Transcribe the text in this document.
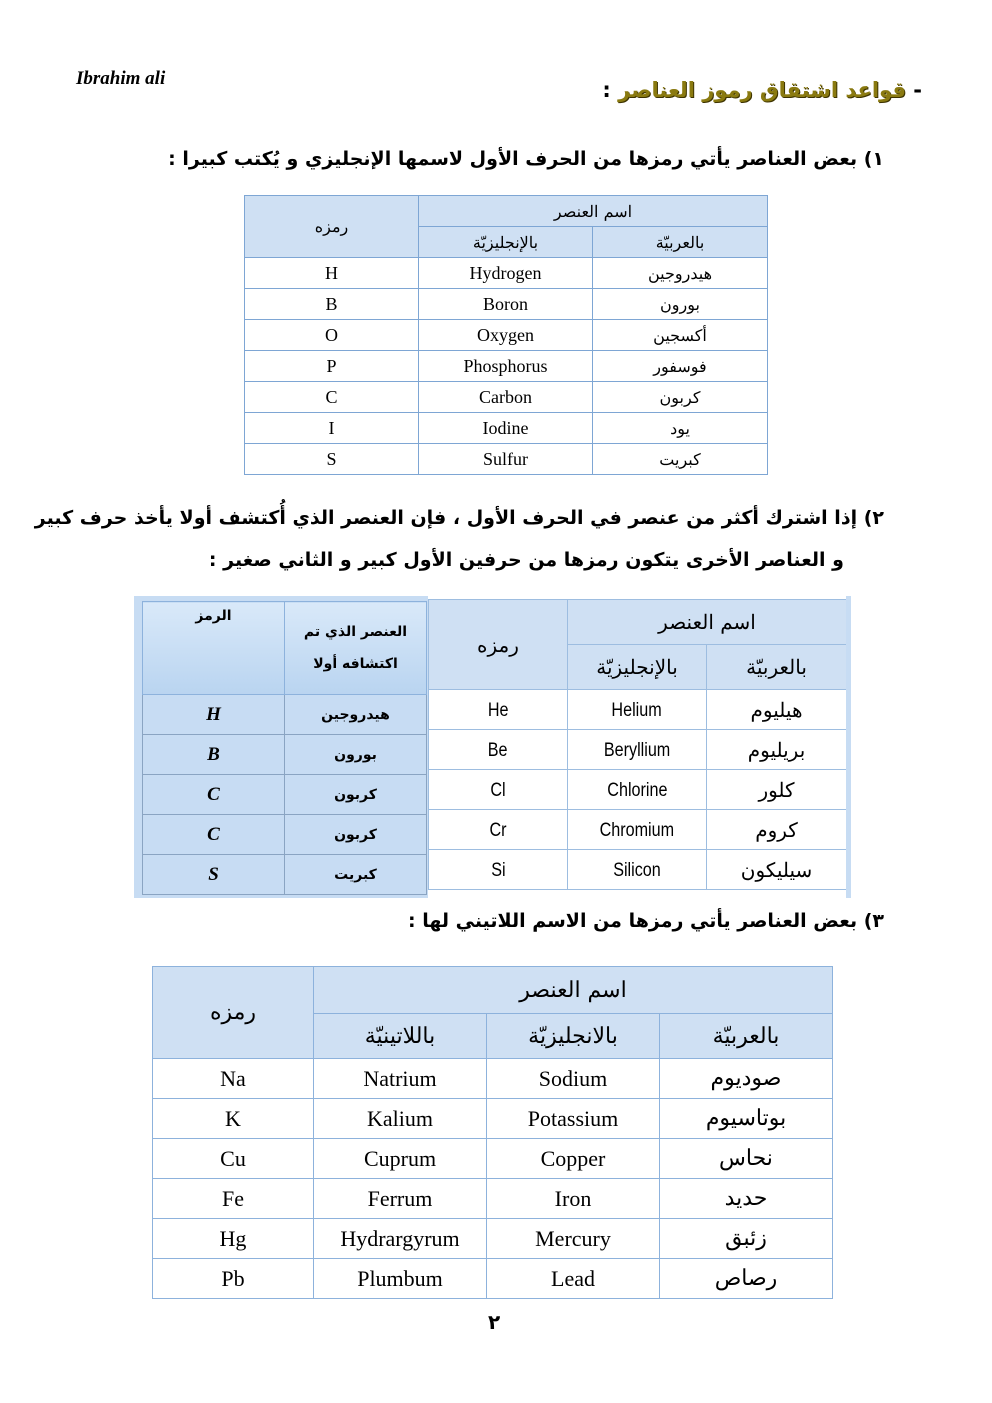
Ibrahim ali	- قواعد اشتقاق رموز العناصر :
١) بعض العناصر يأتي رمزها من الحرف الأول لاسمها الإنجليزي و يُكتب كبيرا :
رمزه	اسم العنصر	
	بالإنجليزيّة	بالعربيّة
H	Hydrogen	هيدروجين
B	Boron	بورون
O	Oxygen	أكسجين
P	Phosphorus	فوسفور
C	Carbon	كربون
I	Iodine	يود
S	Sulfur	كبريت
٢) إذا اشترك أكثر من عنصر في الحرف الأول ، فإن العنصر الذي أُكتشف أولا يأخذ حرف كبير
و العناصر الأخرى يتكون رمزها من حرفين الأول كبير و الثاني صغير :
الرمز	العنصر الذي تم
اكتشافه أولا

H	هيدروجين
B	بورون
C	كربون
C	كربون
S	كبريت
رمزه	اسم العنصر	
	بالإنجليزيّة	بالعربيّة
He	Helium	هيليوم
Be	Beryllium	بريليوم
Cl	Chlorine	كلور
Cr	Chromium	كروم
Si	Silicon	سيليكون
٣) بعض العناصر يأتي رمزها من الاسم اللاتيني لها :
رمزه	اسم العنصر		
	باللاتينيّة	بالانجليزيّة	بالعربيّة
Na	Natrium	Sodium	صوديوم
K	Kalium	Potassium	بوتاسيوم
Cu	Cuprum	Copper	نحاس
Fe	Ferrum	Iron	حديد
Hg	Hydrargyrum	Mercury	زئبق
Pb	Plumbum	Lead	رصاص
٢
